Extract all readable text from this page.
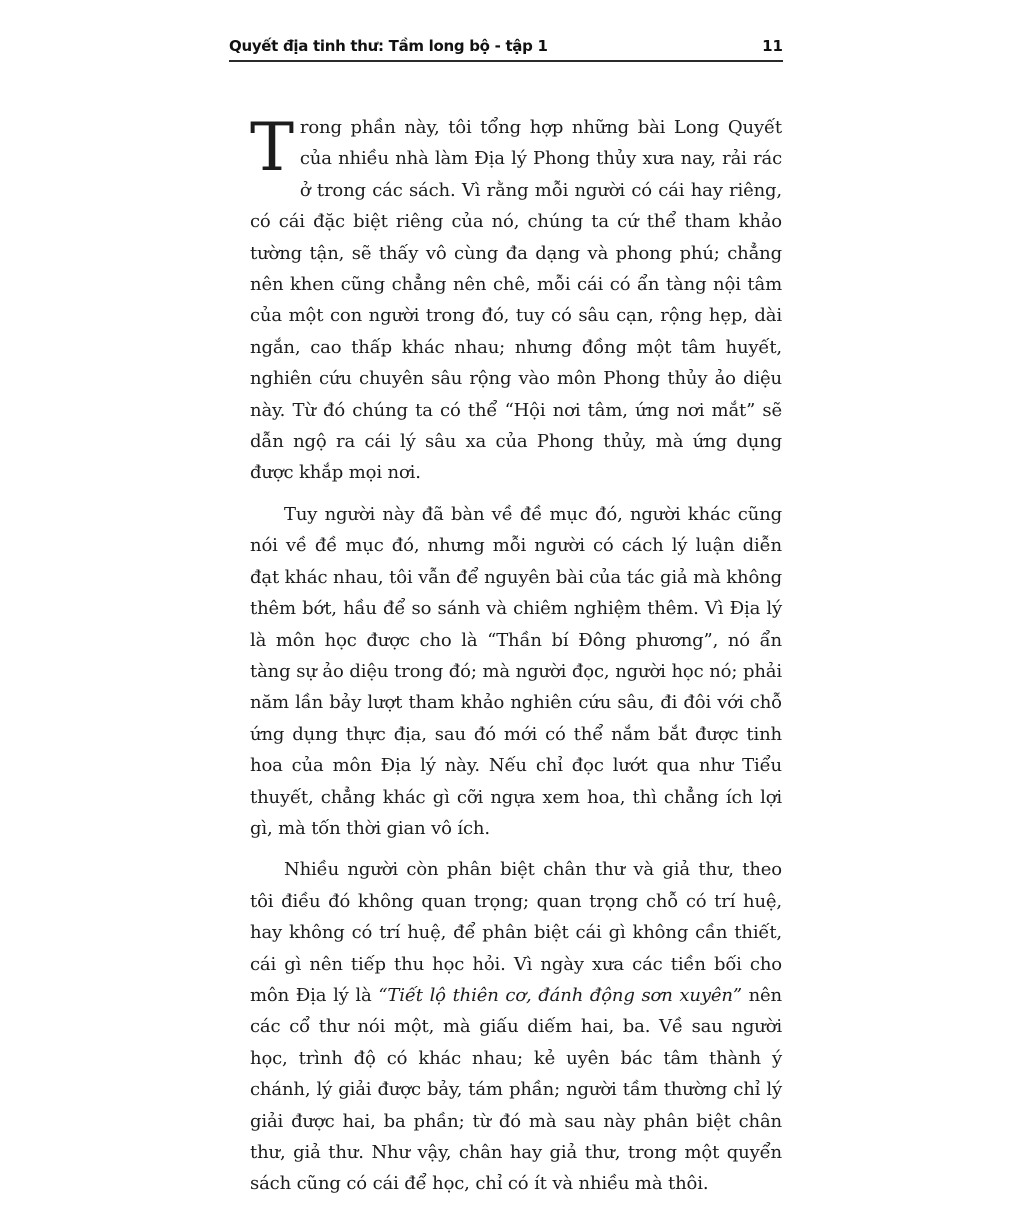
Quyết địa tinh thư: Tầm long bộ - tập 1	11

Trong phần này, tôi tổng hợp những bài Long Quyết của nhiều nhà làm Địa lý Phong thủy xưa nay, rải rác ở trong các sách. Vì rằng mỗi người có cái hay riêng, có cái đặc biệt riêng của nó, chúng ta cứ thể tham khảo tường tận, sẽ thấy vô cùng đa dạng và phong phú; chẳng nên khen cũng chẳng nên chê, mỗi cái có ẩn tàng nội tâm của một con người trong đó, tuy có sâu cạn, rộng hẹp, dài ngắn, cao thấp khác nhau; nhưng đồng một tâm huyết, nghiên cứu chuyên sâu rộng vào môn Phong thủy ảo diệu này. Từ đó chúng ta có thể “Hội nơi tâm, ứng nơi mắt” sẽ dẫn ngộ ra cái lý sâu xa của Phong thủy, mà ứng dụng được khắp mọi nơi.

Tuy người này đã bàn về đề mục đó, người khác cũng nói về đề mục đó, nhưng mỗi người có cách lý luận diễn đạt khác nhau, tôi vẫn để nguyên bài của tác giả mà không thêm bớt, hầu để so sánh và chiêm nghiệm thêm. Vì Địa lý là môn học được cho là “Thần bí Đông phương”, nó ẩn tàng sự ảo diệu trong đó; mà người đọc, người học nó; phải năm lần bảy lượt tham khảo nghiên cứu sâu, đi đôi với chỗ ứng dụng thực địa, sau đó mới có thể nắm bắt được tinh hoa của môn Địa lý này. Nếu chỉ đọc lướt qua như Tiểu thuyết, chẳng khác gì cỡi ngựa xem hoa, thì chẳng ích lợi gì, mà tốn thời gian vô ích.

Nhiều người còn phân biệt chân thư và giả thư, theo tôi điều đó không quan trọng; quan trọng chỗ có trí huệ, hay không có trí huệ, để phân biệt cái gì không cần thiết, cái gì nên tiếp thu học hỏi. Vì ngày xưa các tiền bối cho môn Địa lý là “Tiết lộ thiên cơ, đánh động sơn xuyên” nên các cổ thư nói một, mà giấu diếm hai, ba. Về sau người học, trình độ có khác nhau; kẻ uyên bác tâm thành ý chánh, lý giải được bảy, tám phần; người tầm thường chỉ lý giải được hai, ba phần; từ đó mà sau này phân biệt chân thư, giả thư. Như vậy, chân hay giả thư, trong một quyển sách cũng có cái để học, chỉ có ít và nhiều mà thôi.
